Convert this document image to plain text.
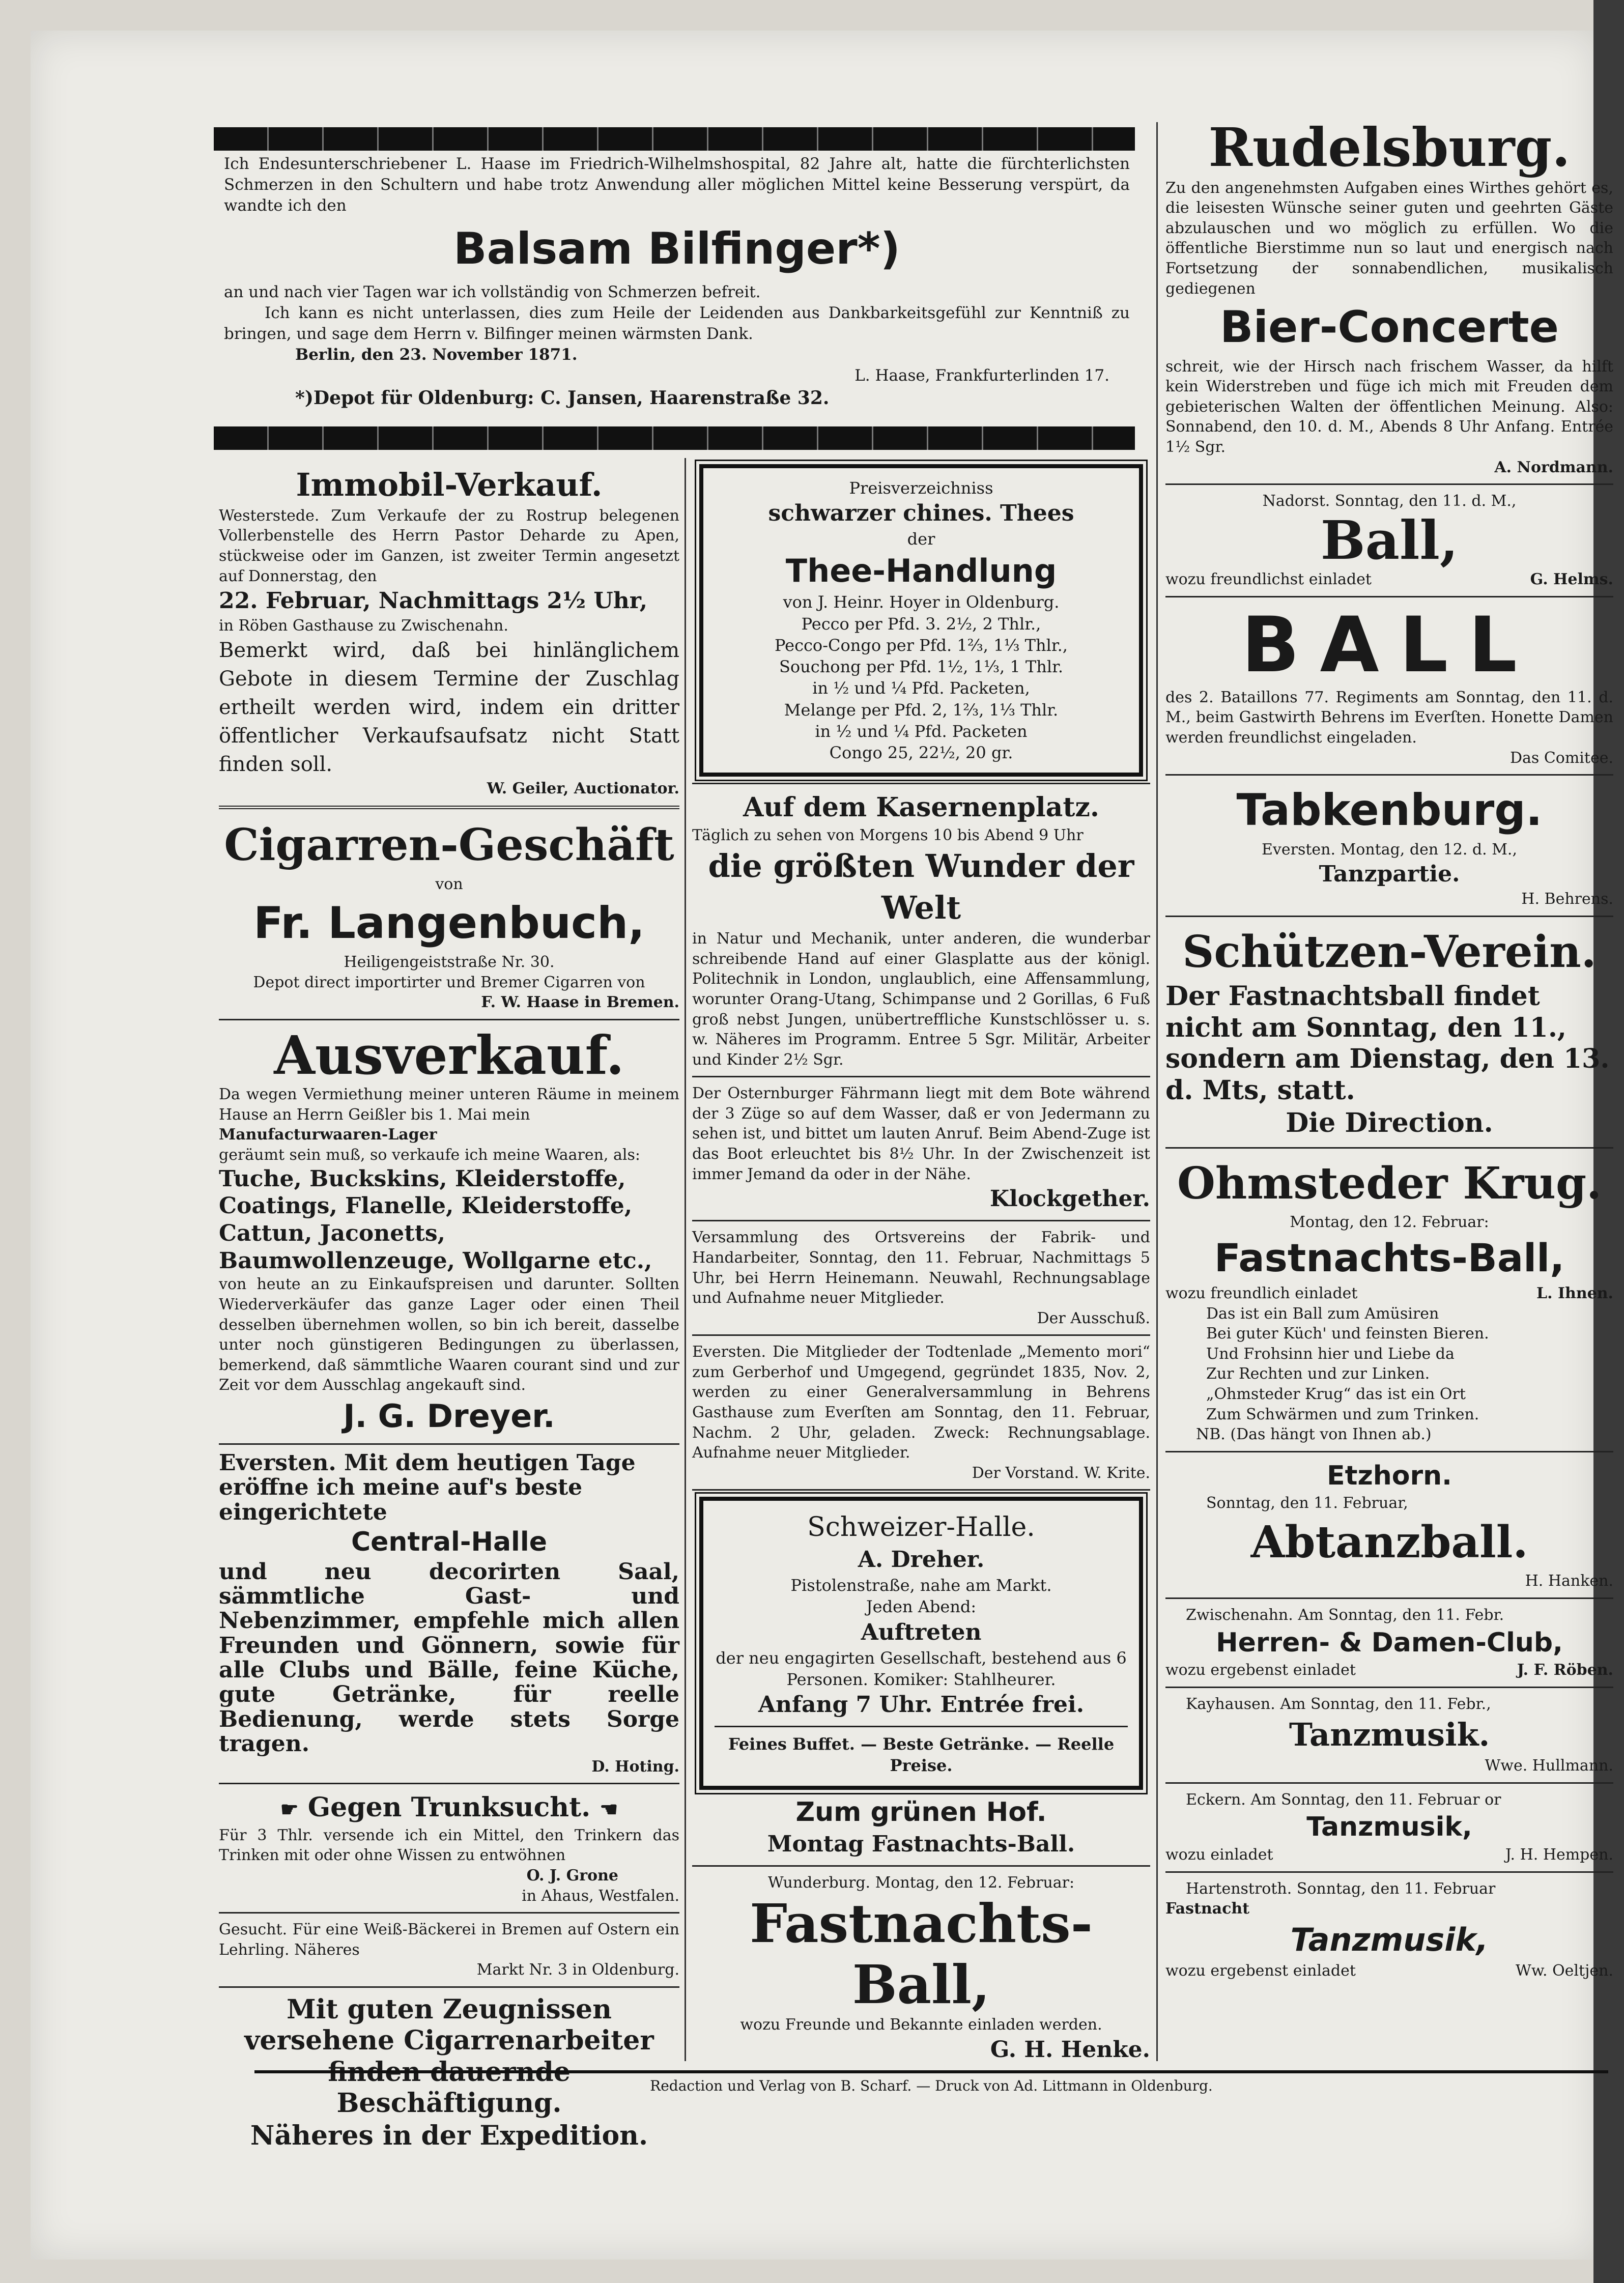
Ich Endesunterschriebener L. Haase im Friedrich-Wilhelmshospital, 82 Jahre alt, hatte die fürchterlichsten Schmerzen in den Schultern und habe trotz Anwendung aller möglichen Mittel keine Besserung verspürt, da wandte ich den

Balsam Bilfinger*)

an und nach vier Tagen war ich vollständig von Schmerzen befreit.

Ich kann es nicht unterlassen, dies zum Heile der Leidenden aus Dankbarkeitsgefühl zur Kenntniß zu bringen, und sage dem Herrn v. Bilfinger meinen wärmsten Dank.

Berlin, den 23. November 1871.

L. Haase, Frankfurterlinden 17.

*)Depot für Oldenburg: C. Jansen, Haarenstraße 32.

Immobil-Verkauf.

Westerstede. Zum Verkaufe der zu Rostrup belegenen Vollerbenstelle des Herrn Pastor Deharde zu Apen, stückweise oder im Ganzen, ist zweiter Termin angesetzt auf Donnerstag, den

22. Februar, Nachmittags 2½ Uhr,

in Röben Gasthause zu Zwischenahn.

Bemerkt wird, daß bei hinlänglichem Gebote in diesem Termine der Zuschlag ertheilt werden wird, indem ein dritter öffentlicher Verkaufsaufsatz nicht Statt finden soll.

W. Geiler, Auctionator.

Cigarren-Geschäft

von

Fr. Langenbuch,

Heiligengeiststraße Nr. 30.

Depot direct importirter und Bremer Cigarren von

F. W. Haase in Bremen.

Ausverkauf.

Da wegen Vermiethung meiner unteren Räume in meinem Hause an Herrn Geißler bis 1. Mai mein

Manufacturwaaren-Lager

geräumt sein muß, so verkaufe ich meine Waaren, als:

Tuche, Buckskins, Kleiderstoffe, Coatings, Flanelle, Kleiderstoffe, Cattun, Jaconetts, Baumwollenzeuge, Wollgarne etc.,

von heute an zu Einkaufspreisen und darunter. Sollten Wiederverkäufer das ganze Lager oder einen Theil desselben übernehmen wollen, so bin ich bereit, dasselbe unter noch günstigeren Bedingungen zu überlassen, bemerkend, daß sämmtliche Waaren courant sind und zur Zeit vor dem Ausschlag angekauft sind.

J. G. Dreyer.

Eversten. Mit dem heutigen Tage eröffne ich meine auf's beste eingerichtete

Central-Halle

und neu decorirten Saal, sämmtliche Gast- und Nebenzimmer, empfehle mich allen Freunden und Gönnern, sowie für alle Clubs und Bälle, feine Küche, gute Getränke, für reelle Bedienung, werde stets Sorge tragen.

D. Hoting.

☛ Gegen Trunksucht. ☚

Für 3 Thlr. versende ich ein Mittel, den Trinkern das Trinken mit oder ohne Wissen zu entwöhnen

O. J. Grone

in Ahaus, Westfalen.

Gesucht. Für eine Weiß-Bäckerei in Bremen auf Ostern ein Lehrling. Näheres

Markt Nr. 3 in Oldenburg.

Mit guten Zeugnissen versehene Cigarrenarbeiter finden dauernde Beschäftigung.

Näheres in der Expedition.

Preisverzeichniss

schwarzer chines. Thees

der

Thee-Handlung

von J. Heinr. Hoyer in Oldenburg.

Pecco per Pfd. 3. 2½, 2 Thlr.,

Pecco-Congo per Pfd. 1⅔, 1⅓ Thlr.,

Souchong per Pfd. 1½, 1⅓, 1 Thlr.

in ½ und ¼ Pfd. Packeten,

Melange per Pfd. 2, 1⅔, 1⅓ Thlr.

in ½ und ¼ Pfd. Packeten

Congo 25, 22½, 20 gr.

Auf dem Kasernenplatz.

Täglich zu sehen von Morgens 10 bis Abend 9 Uhr

die größten Wunder der Welt

in Natur und Mechanik, unter anderen, die wunderbar schreibende Hand auf einer Glasplatte aus der königl. Politechnik in London, unglaublich, eine Affensammlung, worunter Orang-Utang, Schimpanse und 2 Gorillas, 6 Fuß groß nebst Jungen, unübertreffliche Kunstschlösser u. s. w. Näheres im Programm. Entree 5 Sgr. Militär, Arbeiter und Kinder 2½ Sgr.

Der Osternburger Fährmann liegt mit dem Bote während der 3 Züge so auf dem Wasser, daß er von Jedermann zu sehen ist, und bittet um lauten Anruf. Beim Abend-Zuge ist das Boot erleuchtet bis 8½ Uhr. In der Zwischenzeit ist immer Jemand da oder in der Nähe.

Klockgether.

Versammlung des Ortsvereins der Fabrik- und Handarbeiter, Sonntag, den 11. Februar, Nachmittags 5 Uhr, bei Herrn Heinemann. Neuwahl, Rechnungsablage und Aufnahme neuer Mitglieder.

Der Ausschuß.

Eversten. Die Mitglieder der Todtenlade „Memento mori“ zum Gerberhof und Umgegend, gegründet 1835, Nov. 2, werden zu einer Generalversammlung in Behrens Gasthause zum Everſten am Sonntag, den 11. Februar, Nachm. 2 Uhr, geladen. Zweck: Rechnungsablage. Aufnahme neuer Mitglieder.

Der Vorstand. W. Krite.

Schweizer-Halle.

A. Dreher.

Pistolenstraße, nahe am Markt.

Jeden Abend:

Auftreten

der neu engagirten Gesellschaft, bestehend aus 6 Personen. Komiker: Stahlheurer.

Anfang 7 Uhr. Entrée frei.

Feines Buffet. — Beste Getränke. — Reelle Preise.

Zum grünen Hof.

Montag Fastnachts-Ball.

Wunderburg. Montag, den 12. Februar:

Fastnachts-Ball,

wozu Freunde und Bekannte einladen werden.

G. H. Henke.

Rudelsburg.

Zu den angenehmsten Aufgaben eines Wirthes gehört es, die leisesten Wünsche seiner guten und geehrten Gäste abzulauschen und wo möglich zu erfüllen. Wo die öffentliche Bierstimme nun so laut und energisch nach Fortsetzung der sonnabendlichen, musikalisch gediegenen

Bier-Concerte

schreit, wie der Hirsch nach frischem Wasser, da hilft kein Widerstreben und füge ich mich mit Freuden dem gebieterischen Walten der öffentlichen Meinung. Also: Sonnabend, den 10. d. M., Abends 8 Uhr Anfang. Entrée 1½ Sgr.

A. Nordmann.

Nadorst. Sonntag, den 11. d. M.,

Ball,

wozu freundlichst einladet	G. Helms.

BALL

des 2. Bataillons 77. Regiments am Sonntag, den 11. d. M., beim Gastwirth Behrens im Everſten. Honette Damen werden freundlichst eingeladen.

Das Comitee.

Tabkenburg.

Eversten. Montag, den 12. d. M.,

Tanzpartie.

H. Behrens.

Schützen-Verein.

Der Fastnachtsball findet nicht am Sonntag, den 11., sondern am Dienstag, den 13. d. Mts, statt.

Die Direction.

Ohmsteder Krug.

Montag, den 12. Februar:

Fastnachts-Ball,

wozu freundlich einladet	L. Ihnen.

Das ist ein Ball zum Amüsiren

Bei guter Küch' und feinsten Bieren.

Und Frohsinn hier und Liebe da

Zur Rechten und zur Linken.

„Ohmsteder Krug“ das ist ein Ort

Zum Schwärmen und zum Trinken.

NB. (Das hängt von Ihnen ab.)

Etzhorn.

Sonntag, den 11. Februar,

Abtanzball.

H. Hanken.

Zwischenahn. Am Sonntag, den 11. Febr.

Herren- & Damen-Club,

wozu ergebenst einladet	J. F. Röben.

Kayhausen. Am Sonntag, den 11. Febr.,

Tanzmusik.

Wwe. Hullmann.

Eckern. Am Sonntag, den 11. Februar or

Tanzmusik,

wozu einladet	J. H. Hempen.

Hartenstroth. Sonntag, den 11. Februar

Fastnacht

Tanzmusik,

wozu ergebenst einladet	Ww. Oeltjen.

Redaction und Verlag von B. Scharf. — Druck von Ad. Littmann in Oldenburg.
